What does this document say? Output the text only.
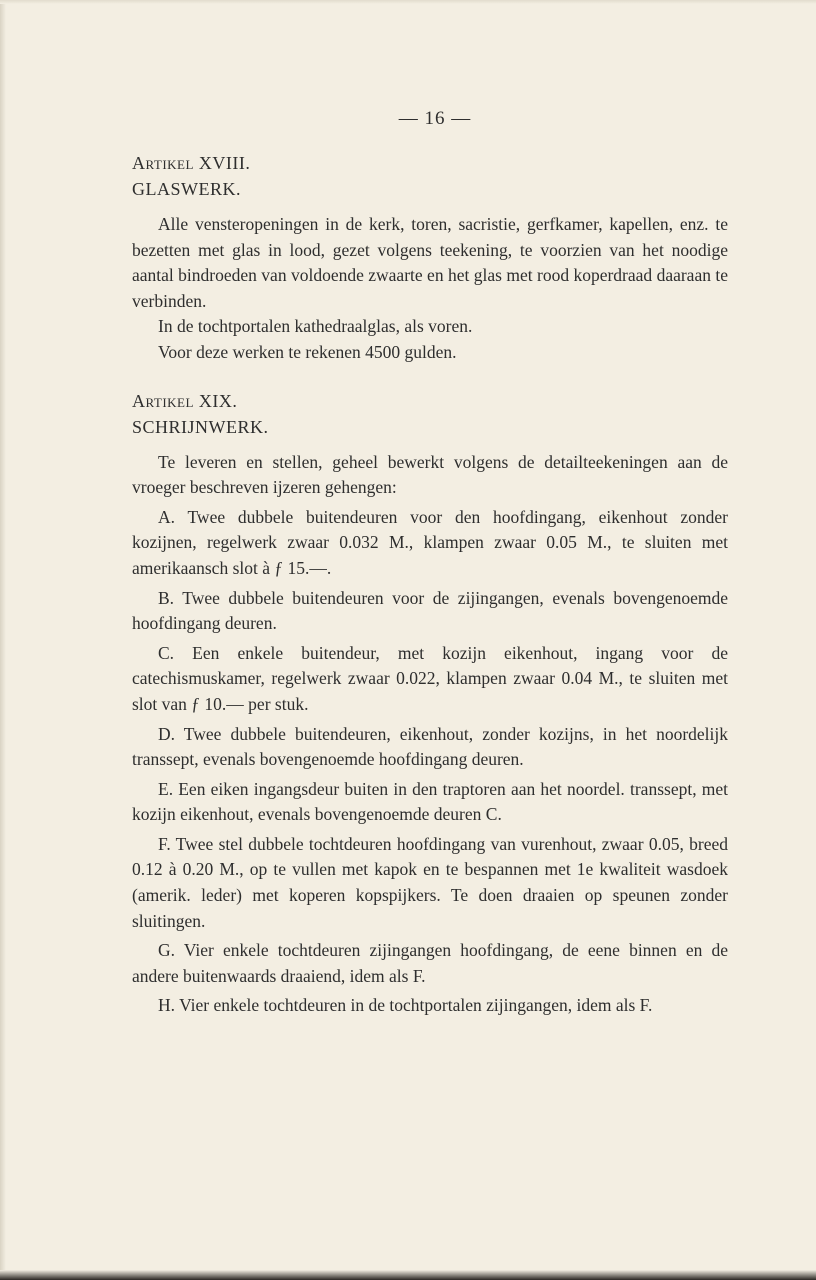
— 16 —
Artikel XVIII.
GLASWERK.

Alle vensteropeningen in de kerk, toren, sacristie, gerfkamer, kapellen, enz. te bezetten met glas in lood, gezet volgens teekening, te voorzien van het noodige aantal bindroeden van voldoende zwaarte en het glas met rood koperdraad daaraan te verbinden.

In de tochtportalen kathedraalglas, als voren.

Voor deze werken te rekenen 4500 gulden.

Artikel XIX.
SCHRIJNWERK.

Te leveren en stellen, geheel bewerkt volgens de detailteekeningen aan de vroeger beschreven ijzeren gehengen:

A. Twee dubbele buitendeuren voor den hoofdingang, eikenhout zonder kozijnen, regelwerk zwaar 0.032 M., klampen zwaar 0.05 M., te sluiten met amerikaansch slot à ƒ 15.—.

B. Twee dubbele buitendeuren voor de zijingangen, evenals bovengenoemde hoofdingang deuren.

C. Een enkele buitendeur, met kozijn eikenhout, ingang voor de catechismuskamer, regelwerk zwaar 0.022, klampen zwaar 0.04 M., te sluiten met slot van ƒ 10.— per stuk.

D. Twee dubbele buitendeuren, eikenhout, zonder kozijns, in het noordelijk transsept, evenals bovengenoemde hoofdingang deuren.

E. Een eiken ingangsdeur buiten in den traptoren aan het noordel. transsept, met kozijn eikenhout, evenals bovengenoemde deuren C.

F. Twee stel dubbele tochtdeuren hoofdingang van vurenhout, zwaar 0.05, breed 0.12 à 0.20 M., op te vullen met kapok en te bespannen met 1e kwaliteit wasdoek (amerik. leder) met koperen kopspijkers. Te doen draaien op speunen zonder sluitingen.

G. Vier enkele tochtdeuren zijingangen hoofdingang, de eene binnen en de andere buitenwaards draaiend, idem als F.

H. Vier enkele tochtdeuren in de tochtportalen zijingangen, idem als F.
